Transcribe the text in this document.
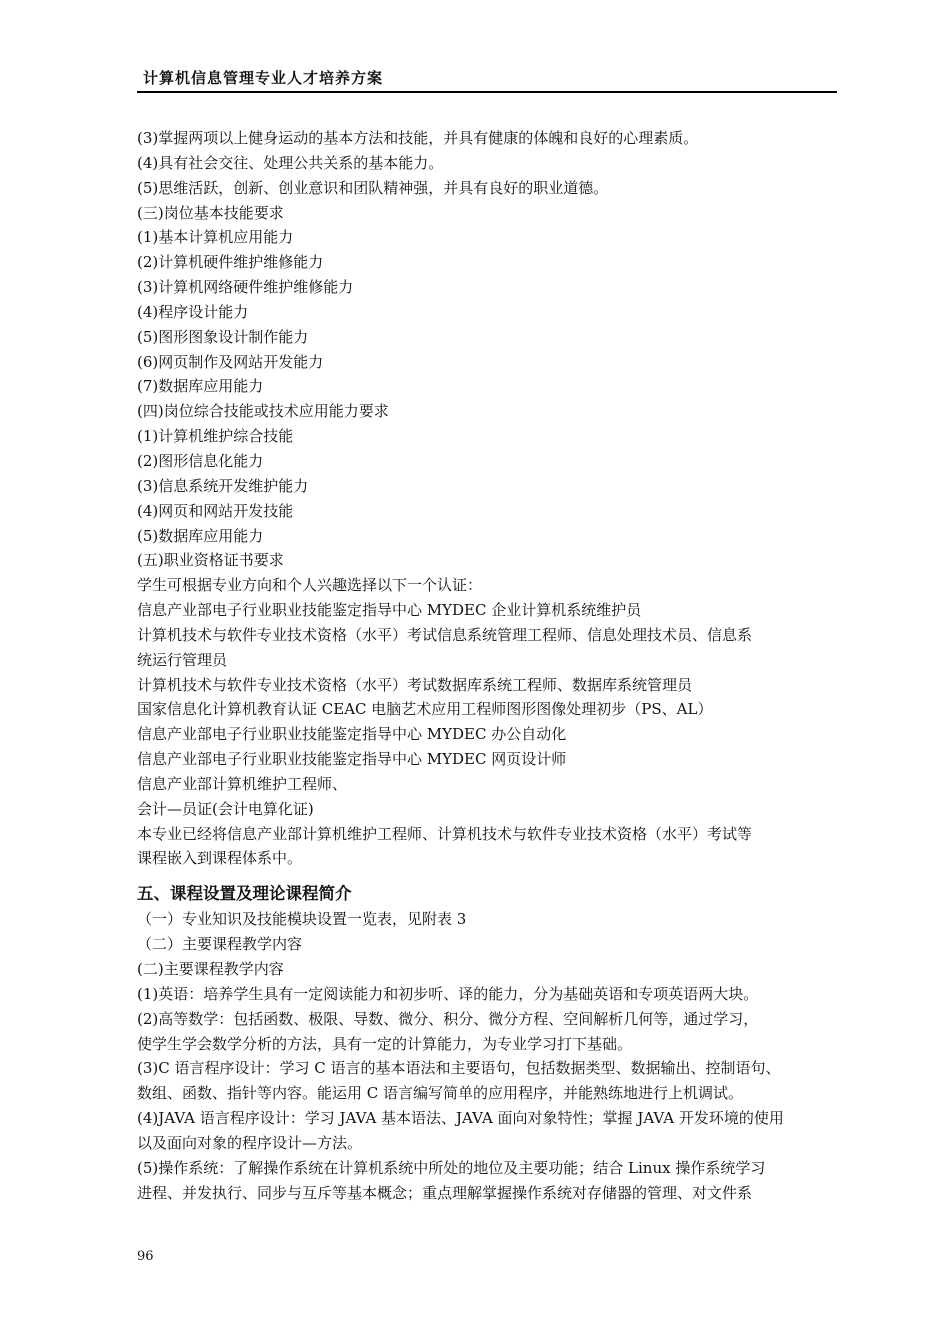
计算机信息管理专业人才培养方案
(3)掌握两项以上健身运动的基本方法和技能，并具有健康的体魄和良好的心理素质。
(4)具有社会交往、处理公共关系的基本能力。
(5)思维活跃，创新、创业意识和团队精神强，并具有良好的职业道德。
(三)岗位基本技能要求
(1)基本计算机应用能力
(2)计算机硬件维护维修能力
(3)计算机网络硬件维护维修能力
(4)程序设计能力
(5)图形图象设计制作能力
(6)网页制作及网站开发能力
(7)数据库应用能力
(四)岗位综合技能或技术应用能力要求
(1)计算机维护综合技能
(2)图形信息化能力
(3)信息系统开发维护能力
(4)网页和网站开发技能
(5)数据库应用能力
(五)职业资格证书要求
学生可根据专业方向和个人兴趣选择以下一个认证：
信息产业部电子行业职业技能鉴定指导中心 MYDEC 企业计算机系统维护员
计算机技术与软件专业技术资格（水平）考试信息系统管理工程师、信息处理技术员、信息系
统运行管理员
计算机技术与软件专业技术资格（水平）考试数据库系统工程师、数据库系统管理员
国家信息化计算机教育认证 CEAC 电脑艺术应用工程师图形图像处理初步（PS、AL）
信息产业部电子行业职业技能鉴定指导中心 MYDEC 办公自动化
信息产业部电子行业职业技能鉴定指导中心 MYDEC 网页设计师
信息产业部计算机维护工程师、
会计—员证(会计电算化证)
本专业已经将信息产业部计算机维护工程师、计算机技术与软件专业技术资格（水平）考试等
课程嵌入到课程体系中。
五、课程设置及理论课程简介
（一）专业知识及技能模块设置一览表，见附表 3
（二）主要课程教学内容
(二)主要课程教学内容
(1)英语：培养学生具有一定阅读能力和初步听、译的能力，分为基础英语和专项英语两大块。
(2)高等数学：包括函数、极限、导数、微分、积分、微分方程、空间解析几何等，通过学习，
使学生学会数学分析的方法，具有一定的计算能力，为专业学习打下基础。
(3)C 语言程序设计：学习 C 语言的基本语法和主要语句，包括数据类型、数据输出、控制语句、
数组、函数、指针等内容。能运用 C 语言编写简单的应用程序，并能熟练地进行上机调试。
(4)JAVA 语言程序设计：学习 JAVA 基本语法、JAVA 面向对象特性；掌握 JAVA 开发环境的使用
以及面向对象的程序设计—方法。
(5)操作系统：了解操作系统在计算机系统中所处的地位及主要功能；结合 Linux 操作系统学习
进程、并发执行、同步与互斥等基本概念；重点理解掌握操作系统对存储器的管理、对文件系
96
